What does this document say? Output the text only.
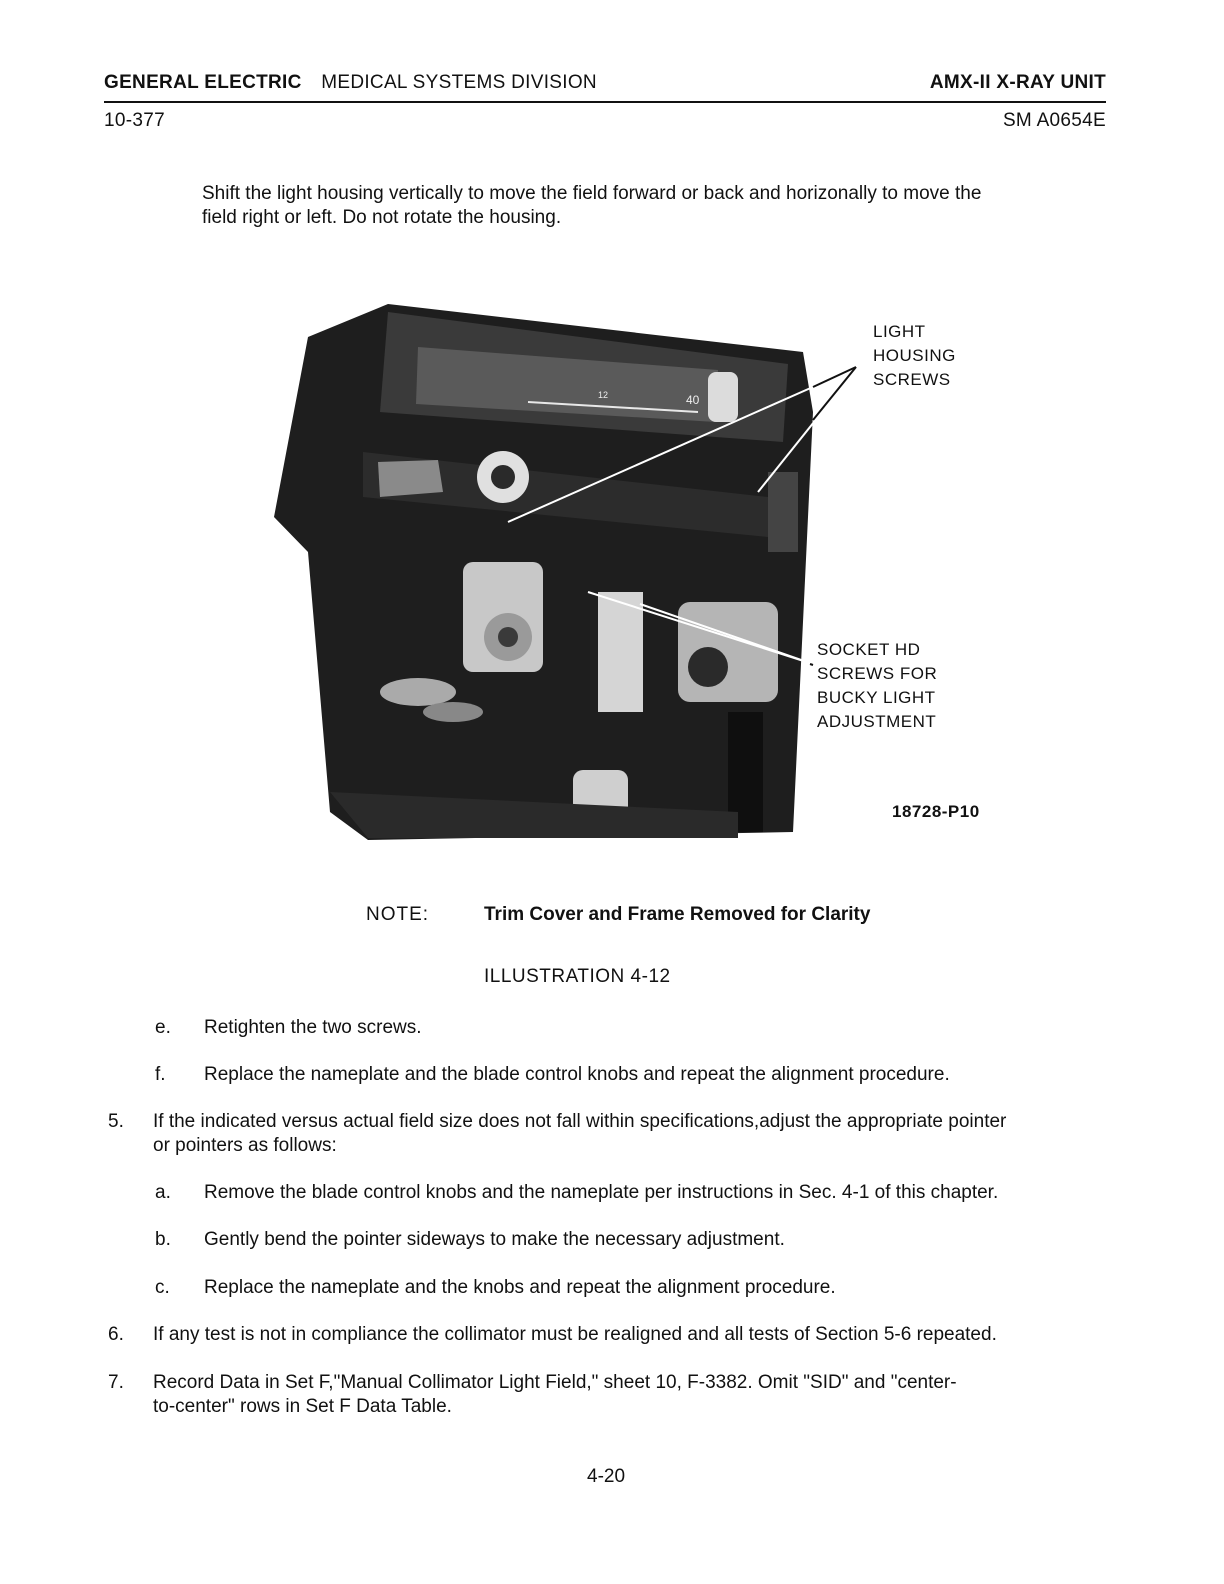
GENERAL ELECTRIC MEDICAL SYSTEMS DIVISION	AMX-II X-RAY UNIT
10-377	SM A0654E
Shift the light housing vertically to move the field forward or back and horizonally to move the
field right or left. Do not rotate the housing.
40
12
LIGHT
HOUSING
SCREWS
SOCKET HD
SCREWS FOR
BUCKY LIGHT
ADJUSTMENT
18728-P10
NOTE:	Trim Cover and Frame Removed for Clarity
ILLUSTRATION 4-12
e. Retighten the two screws.
f. Replace the nameplate and the blade control knobs and repeat the alignment procedure.
5. If the indicated versus actual field size does not fall within specifications,adjust the appropriate pointer
or pointers as follows:
a. Remove the blade control knobs and the nameplate per instructions in Sec. 4-1 of this chapter.
b. Gently bend the pointer sideways to make the necessary adjustment.
c. Replace the nameplate and the knobs and repeat the alignment procedure.
6. If any test is not in compliance the collimator must be realigned and all tests of Section 5-6 repeated.
7. Record Data in Set F,"Manual Collimator Light Field," sheet 10, F-3382. Omit "SID" and "center-
to-center" rows in Set F Data Table.
4-20
